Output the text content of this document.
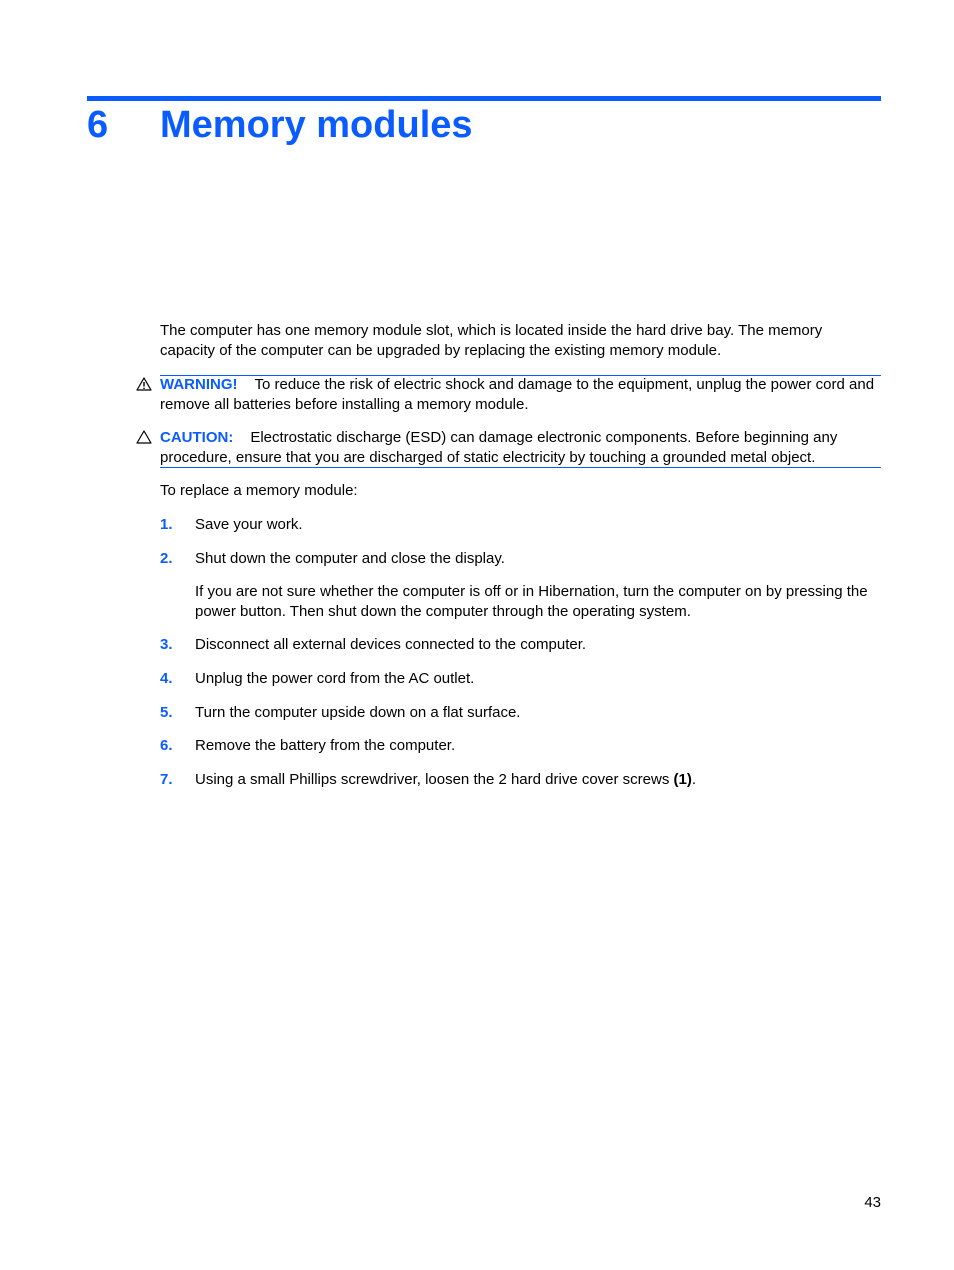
6 Memory modules

The computer has one memory module slot, which is located inside the hard drive bay. The memory capacity of the computer can be upgraded by replacing the existing memory module.

WARNING! To reduce the risk of electric shock and damage to the equipment, unplug the power cord and remove all batteries before installing a memory module.

CAUTION: Electrostatic discharge (ESD) can damage electronic components. Before beginning any procedure, ensure that you are discharged of static electricity by touching a grounded metal object.

To replace a memory module:

1. Save your work.
2. Shut down the computer and close the display.

If you are not sure whether the computer is off or in Hibernation, turn the computer on by pressing the power button. Then shut down the computer through the operating system.

3. Disconnect all external devices connected to the computer.
4. Unplug the power cord from the AC outlet.
5. Turn the computer upside down on a flat surface.
6. Remove the battery from the computer.
7. Using a small Phillips screwdriver, loosen the 2 hard drive cover screws (1).
43
